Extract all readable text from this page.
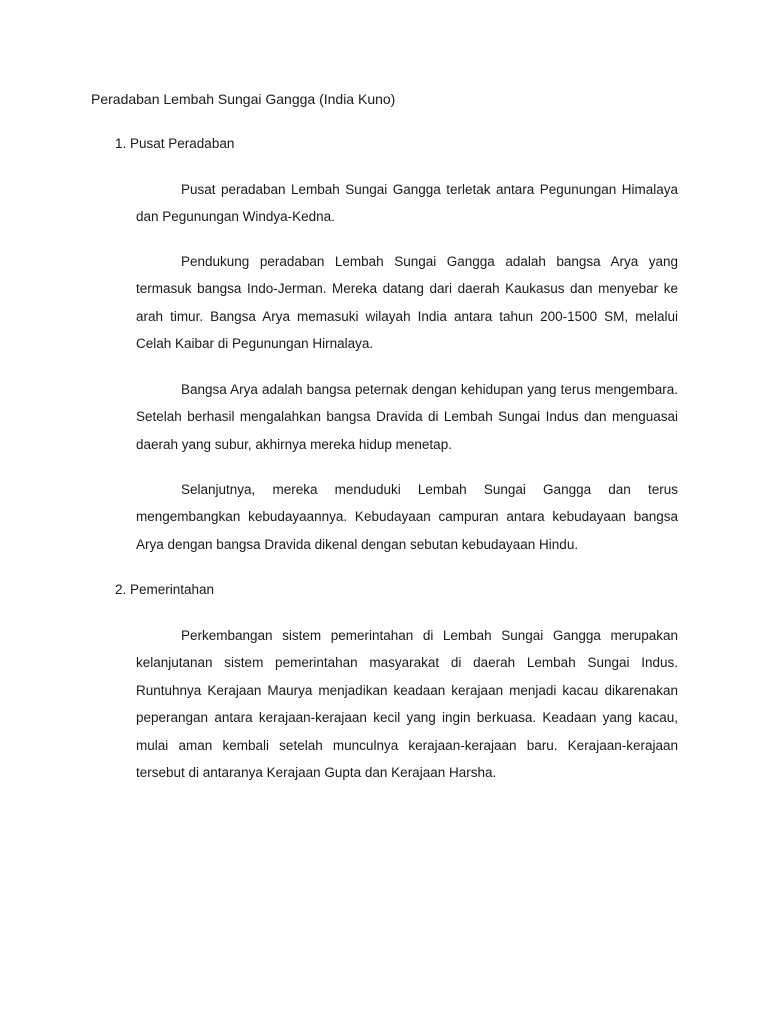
Peradaban Lembah Sungai Gangga (India Kuno)
1. Pusat Peradaban

Pusat peradaban Lembah Sungai Gangga terletak antara Pegunungan Himalaya dan Pegunungan Windya-Kedna.

Pendukung peradaban Lembah Sungai Gangga adalah bangsa Arya yang termasuk bangsa Indo-Jerman. Mereka datang dari daerah Kaukasus dan menyebar ke arah timur. Bangsa Arya memasuki wilayah India antara tahun 200-1500 SM, melalui Celah Kaibar di Pegunungan Hirnalaya.

Bangsa Arya adalah bangsa peternak dengan kehidupan yang terus mengembara. Setelah berhasil mengalahkan bangsa Dravida di Lembah Sungai Indus dan menguasai daerah yang subur, akhirnya mereka hidup menetap.

Selanjutnya, mereka menduduki Lembah Sungai Gangga dan terus mengembangkan kebudayaannya. Kebudayaan campuran antara kebudayaan bangsa Arya dengan bangsa Dravida dikenal dengan sebutan kebudayaan Hindu.

2. Pemerintahan

Perkembangan sistem pemerintahan di Lembah Sungai Gangga merupakan kelanjutanan sistem pemerintahan masyarakat di daerah Lembah Sungai Indus. Runtuhnya Kerajaan Maurya menjadikan keadaan kerajaan menjadi kacau dikarenakan peperangan antara kerajaan-kerajaan kecil yang ingin berkuasa. Keadaan yang kacau, mulai aman kembali setelah munculnya kerajaan-kerajaan baru. Kerajaan-kerajaan tersebut di antaranya Kerajaan Gupta dan Kerajaan Harsha.
